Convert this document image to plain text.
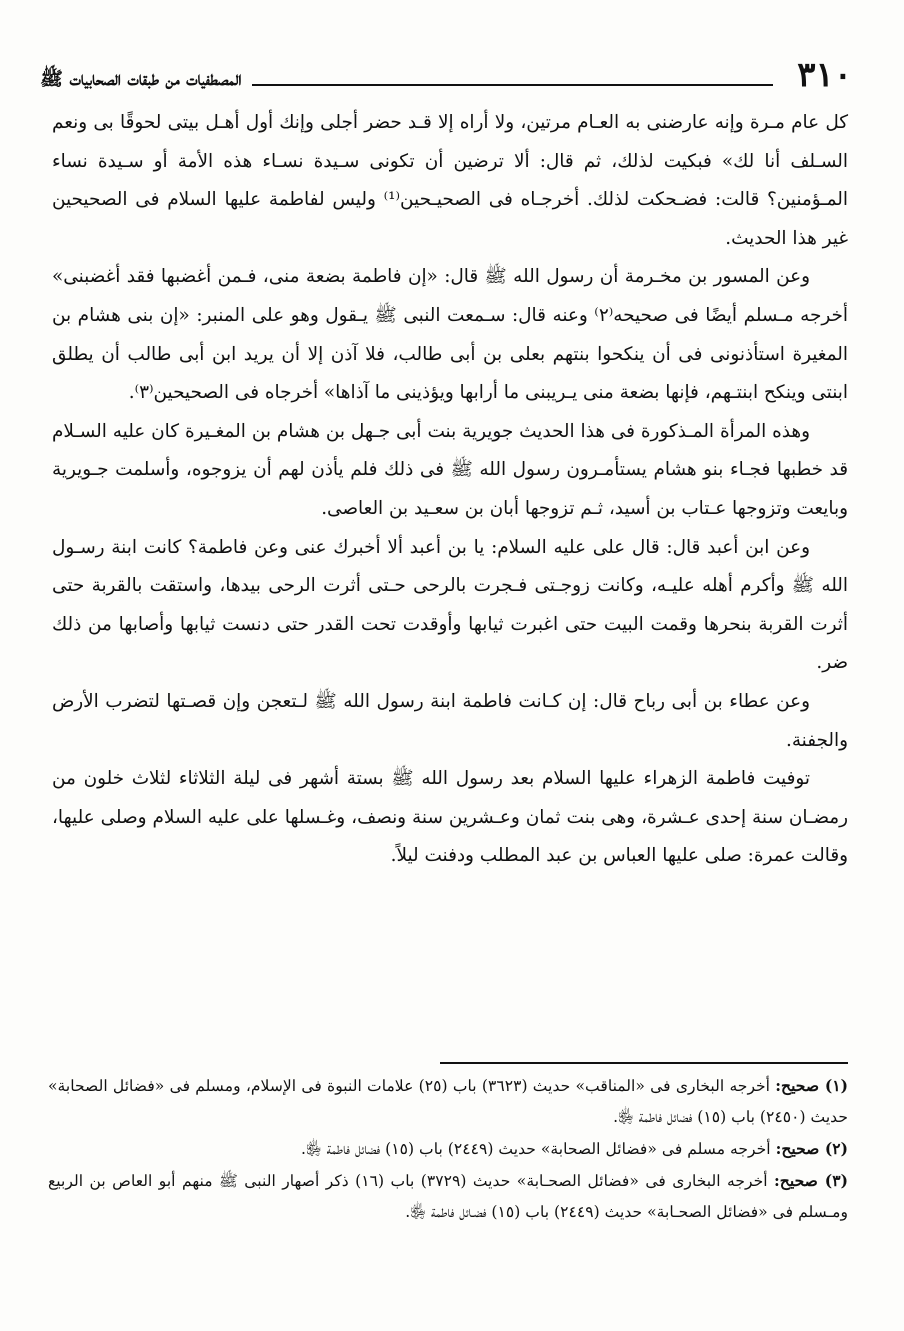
٣١٠
المصطفيات من طبقات الصحابيات ﷺ

كل عام مـرة وإنه عارضنى به العـام مرتين، ولا أراه إلا قـد حضر أجلى وإنك أول أهـل بيتى لحوقًا بى ونعم السـلف أنا لك» فبكيت لذلك، ثم قال: ألا ترضين أن تكونى سـيدة نسـاء هذه الأمة أو سـيدة نساء المـؤمنين؟ قالت: فضـحكت لذلك. أخرجـاه فى الصحيـحين⁽¹⁾ وليس لفاطمة عليها السلام فى الصحيحين غير هذا الحديث.

وعن المسور بن مخـرمة أن رسول الله ﷺ قال: «إن فاطمة بضعة منى، فـمن أغضبها فقد أغضبنى» أخرجه مـسلم أيضًا فى صحيحه⁽٢⁾ وعنه قال: سـمعت النبى ﷺ يـقول وهو على المنبر: «إن بنى هشام بن المغيرة استأذنونى فى أن ينكحوا بنتهم بعلى بن أبى طالب، فلا آذن إلا أن يريد ابن أبى طالب أن يطلق ابنتى وينكح ابنتـهم، فإنها بضعة منى يـريبنى ما أرابها ويؤذينى ما آذاها» أخرجاه فى الصحيحين⁽٣⁾.

وهذه المرأة المـذكورة فى هذا الحديث جويرية بنت أبى جـهل بن هشام بن المغـيرة كان عليه السـلام قد خطبها فجـاء بنو هشام يستأمـرون رسول الله ﷺ فى ذلك فلم يأذن لهم أن يزوجوه، وأسلمت جـويرية وبايعت وتزوجها عـتاب بن أسيد، ثـم تزوجها أبان بن سعـيد بن العاصى.

وعن ابن أعبد قال: قال على عليه السلام: يا بن أعبد ألا أخبرك عنى وعن فاطمة؟ كانت ابنة رسـول الله ﷺ وأكرم أهله عليـه، وكانت زوجـتى فـجرت بالرحى حـتى أثرت الرحى بيدها، واستقت بالقربة حتى أثرت القربة بنحرها وقمت البيت حتى اغبرت ثيابها وأوقدت تحت القدر حتى دنست ثيابها وأصابها من ذلك ضر.

وعن عطاء بن أبى رباح قال: إن كـانت فاطمة ابنة رسول الله ﷺ لـتعجن وإن قصـتها لتضرب الأرض والجفنة.

توفيت فاطمة الزهراء عليها السلام بعد رسول الله ﷺ بستة أشهر فى ليلة الثلاثاء لثلاث خلون من رمضـان سنة إحدى عـشرة، وهى بنت ثمان وعـشرين سنة ونصف، وغـسلها على عليه السلام وصلى عليها، وقالت عمرة: صلى عليها العباس بن عبد المطلب ودفنت ليلاً.

(١) صحيح: أخرجه البخارى فى «المناقب» حديث (٣٦٢٣) باب (٢٥) علامات النبوة فى الإسلام، ومسلم فى «فضائل الصحابة» حديث (٢٤٥٠) باب (١٥) فضائل فاطمة ﵂.

(٢) صحيح: أخرجه مسلم فى «فضائل الصحابة» حديث (٢٤٤٩) باب (١٥) فضائل فاطمة ﵂.

(٣) صحيح: أخرجه البخارى فى «فضائل الصحـابة» حديث (٣٧٢٩) باب (١٦) ذكر أصهار النبى ﷺ منهم أبو العاص بن الربيع ومـسلم فى «فضائل الصحـابة» حديث (٢٤٤٩) باب (١٥) فضـائل فاطمة ﵂.
